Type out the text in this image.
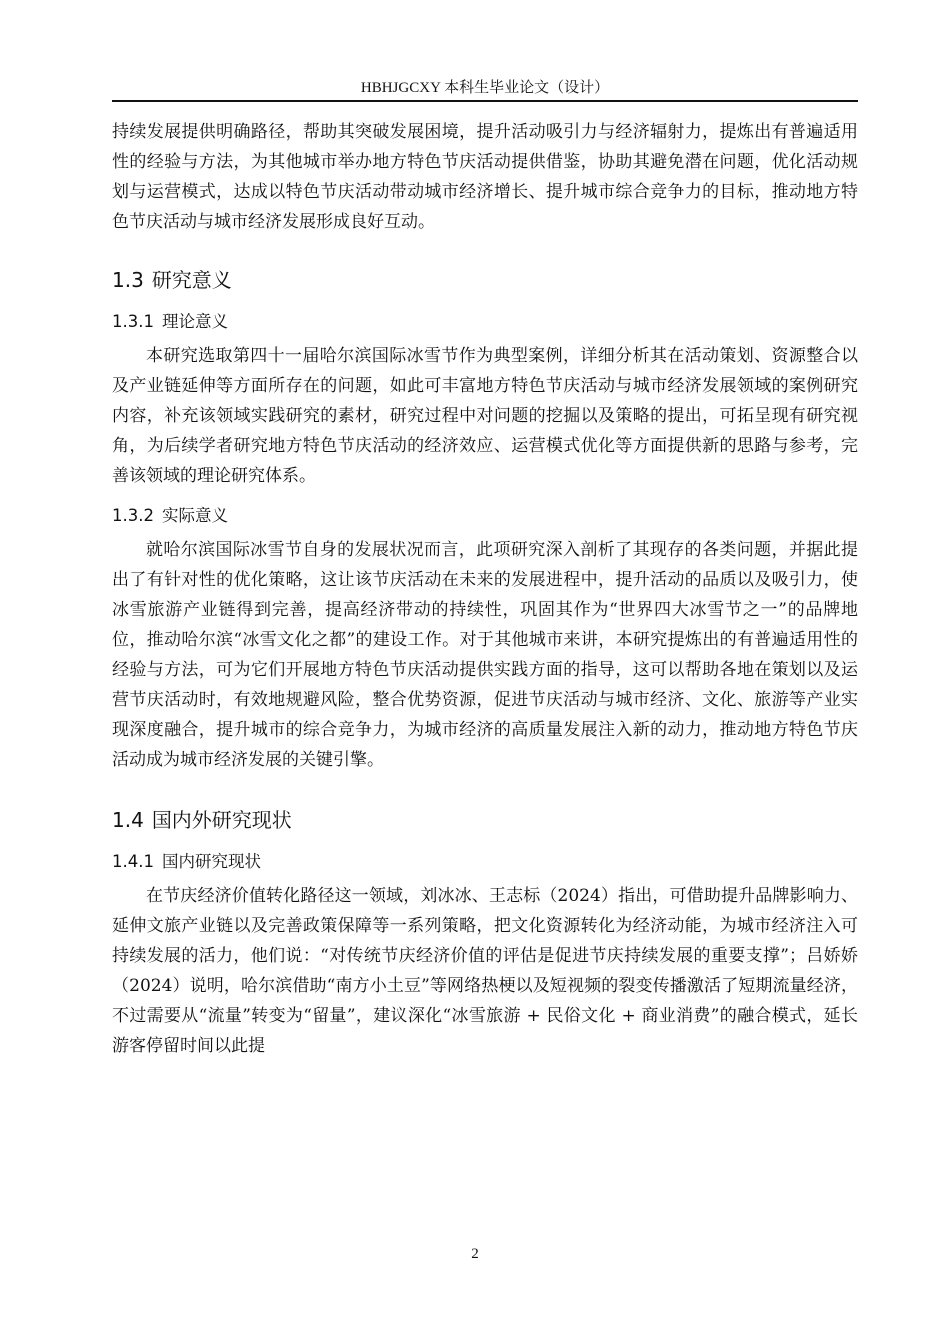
HBHJGCXY 本科生毕业论文（设计）

持续发展提供明确路径，帮助其突破发展困境，提升活动吸引力与经济辐射力，提炼出有普遍适用性的经验与方法，为其他城市举办地方特色节庆活动提供借鉴，协助其避免潜在问题，优化活动规划与运营模式，达成以特色节庆活动带动城市经济增长、提升城市综合竞争力的目标，推动地方特色节庆活动与城市经济发展形成良好互动。

1.3 研究意义
1.3.1 理论意义

本研究选取第四十一届哈尔滨国际冰雪节作为典型案例，详细分析其在活动策划、资源整合以及产业链延伸等方面所存在的问题，如此可丰富地方特色节庆活动与城市经济发展领域的案例研究内容，补充该领域实践研究的素材，研究过程中对问题的挖掘以及策略的提出，可拓呈现有研究视角，为后续学者研究地方特色节庆活动的经济效应、运营模式优化等方面提供新的思路与参考，完善该领域的理论研究体系。

1.3.2 实际意义

就哈尔滨国际冰雪节自身的发展状况而言，此项研究深入剖析了其现存的各类问题，并据此提出了有针对性的优化策略，这让该节庆活动在未来的发展进程中，提升活动的品质以及吸引力，使冰雪旅游产业链得到完善，提高经济带动的持续性，巩固其作为“世界四大冰雪节之一”的品牌地位，推动哈尔滨“冰雪文化之都”的建设工作。对于其他城市来讲，本研究提炼出的有普遍适用性的经验与方法，可为它们开展地方特色节庆活动提供实践方面的指导，这可以帮助各地在策划以及运营节庆活动时，有效地规避风险，整合优势资源，促进节庆活动与城市经济、文化、旅游等产业实现深度融合，提升城市的综合竞争力，为城市经济的高质量发展注入新的动力，推动地方特色节庆活动成为城市经济发展的关键引擎。

1.4 国内外研究现状
1.4.1 国内研究现状

在节庆经济价值转化路径这一领域，刘冰冰、王志标（2024）指出，可借助提升品牌影响力、延伸文旅产业链以及完善政策保障等一系列策略，把文化资源转化为经济动能，为城市经济注入可持续发展的活力，他们说：“对传统节庆经济价值的评估是促进节庆持续发展的重要支撑”；吕娇娇（2024）说明，哈尔滨借助“南方小土豆”等网络热梗以及短视频的裂变传播激活了短期流量经济，不过需要从“流量”转变为“留量”，建议深化“冰雪旅游 + 民俗文化 + 商业消费”的融合模式，延长游客停留时间以此提

2
